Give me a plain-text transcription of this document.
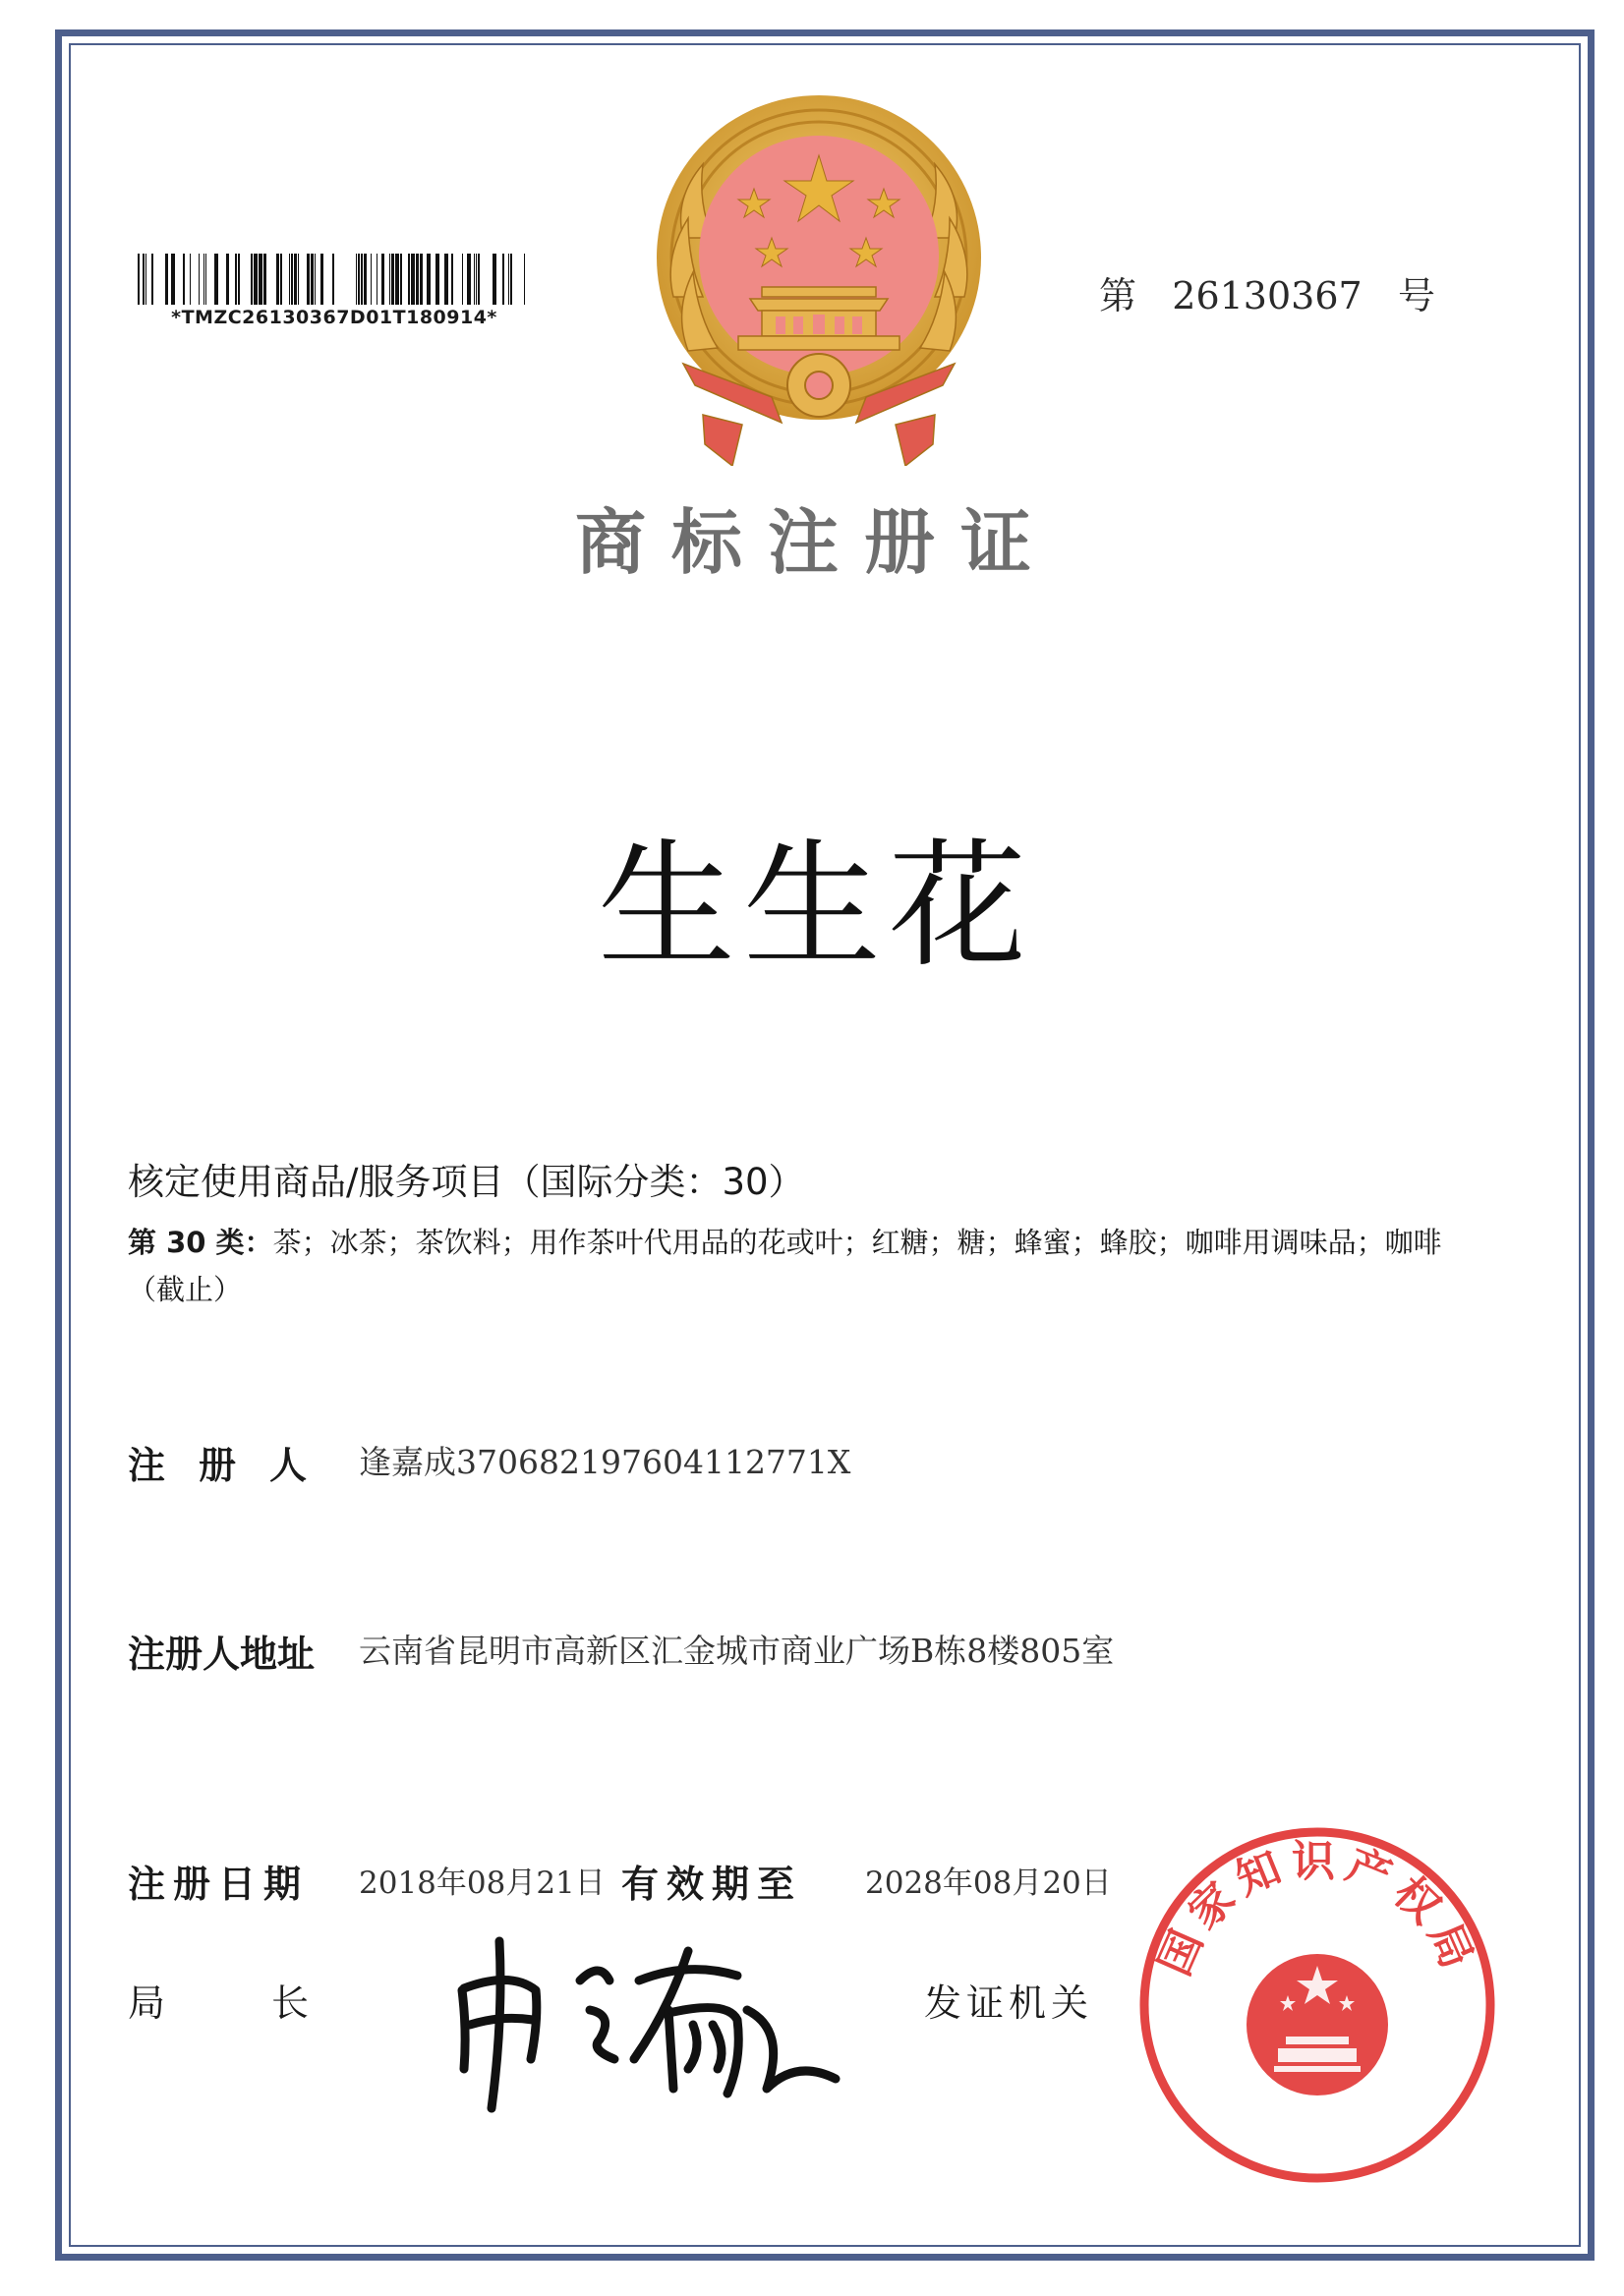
*TMZC26130367D01T180914*	第 26130367 号
商标注册证
生生花
核定使用商品/服务项目（国际分类：30）
第 30 类：茶；冰茶；茶饮料；用作茶叶代用品的花或叶；红糖；糖；蜂蜜；蜂胶；咖啡用调味品；咖啡（截止）
注册人 逢嘉成370682197604112771X
注册人地址 云南省昆明市高新区汇金城市商业广场B栋8楼805室
注册日期 2018年08月21日 有效期至 2028年08月20日
局长	发证机关
国家知识产权局
